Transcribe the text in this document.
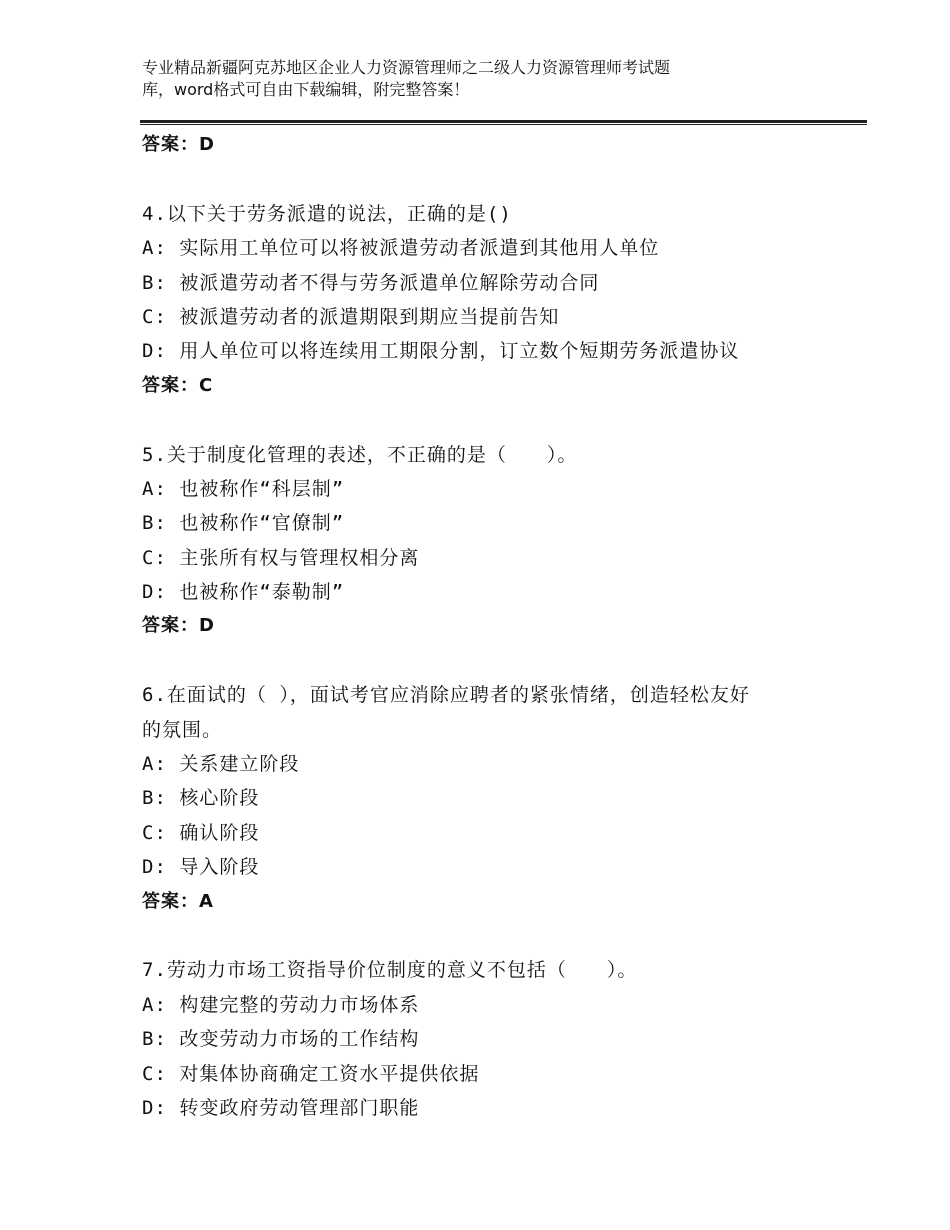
专业精品新疆阿克苏地区企业人力资源管理师之二级人力资源管理师考试题
库，word格式可自由下载编辑，附完整答案！
答案：D
4.以下关于劳务派遣的说法，正确的是()
A: 实际用工单位可以将被派遣劳动者派遣到其他用人单位
B: 被派遣劳动者不得与劳务派遣单位解除劳动合同
C: 被派遣劳动者的派遣期限到期应当提前告知
D: 用人单位可以将连续用工期限分割，订立数个短期劳务派遣协议
答案：C
5.关于制度化管理的表述，不正确的是（　　）。
A: 也被称作“科层制”
B: 也被称作“官僚制”
C: 主张所有权与管理权相分离
D: 也被称作“泰勒制”
答案：D
6.在面试的（ ），面试考官应消除应聘者的紧张情绪，创造轻松友好
的氛围。
A: 关系建立阶段
B: 核心阶段
C: 确认阶段
D: 导入阶段
答案：A
7.劳动力市场工资指导价位制度的意义不包括（　　）。
A: 构建完整的劳动力市场体系
B: 改变劳动力市场的工作结构
C: 对集体协商确定工资水平提供依据
D: 转变政府劳动管理部门职能
